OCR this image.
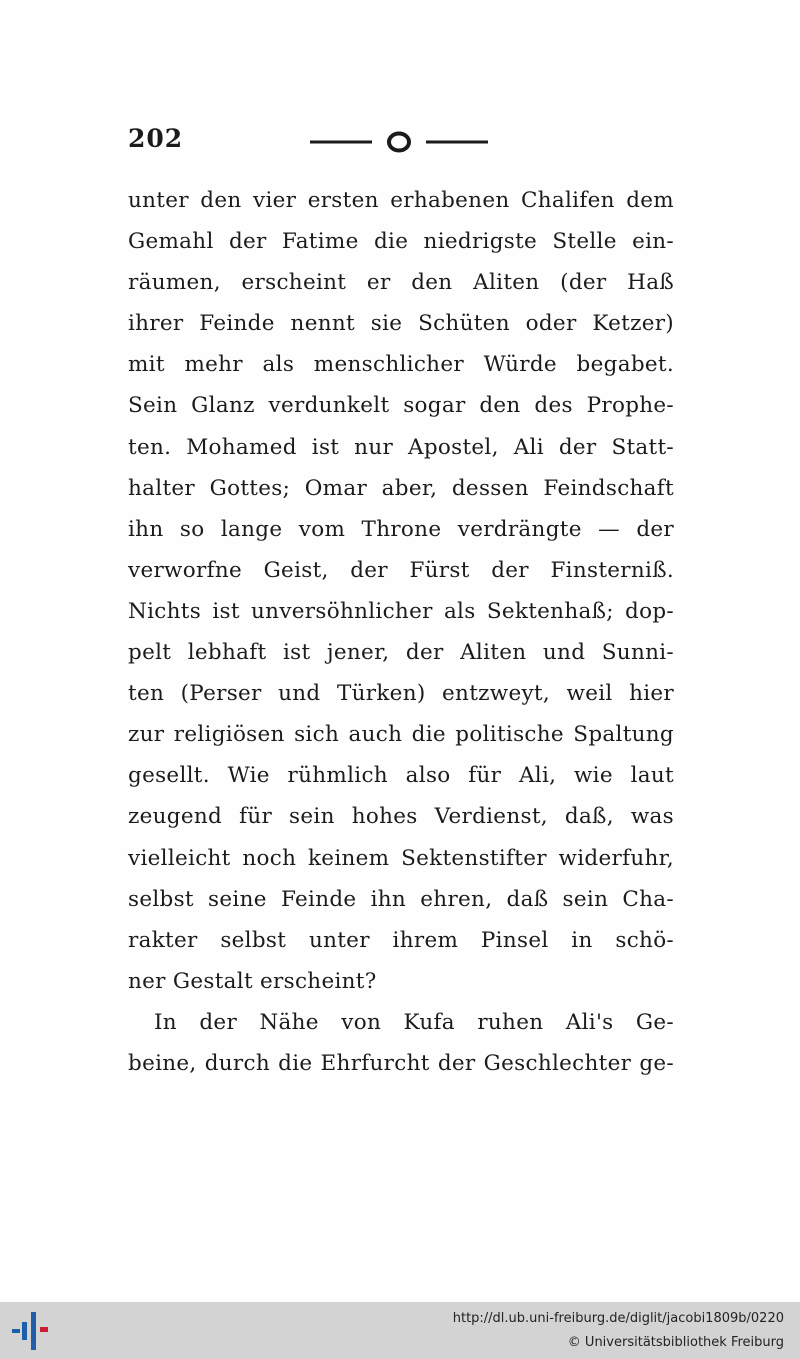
202
unter den vier ersten erhabenen Chalifen dem
Gemahl der Fatime die niedrigste Stelle ein-
räumen, erscheint er den Aliten (der Haß
ihrer Feinde nennt sie Schüten oder Ketzer)
mit mehr als menschlicher Würde begabet.
Sein Glanz verdunkelt sogar den des Prophe-
ten. Mohamed ist nur Apostel, Ali der Statt-
halter Gottes; Omar aber, dessen Feindschaft
ihn so lange vom Throne verdrängte — der
verworfne Geist, der Fürst der Finsterniß.
Nichts ist unversöhnlicher als Sektenhaß; dop-
pelt lebhaft ist jener, der Aliten und Sunni-
ten (Perser und Türken) entzweyt, weil hier
zur religiösen sich auch die politische Spaltung
gesellt. Wie rühmlich also für Ali, wie laut
zeugend für sein hohes Verdienst, daß, was
vielleicht noch keinem Sektenstifter widerfuhr,
selbst seine Feinde ihn ehren, daß sein Cha-
rakter selbst unter ihrem Pinsel in schö-
ner Gestalt erscheint?
In der Nähe von Kufa ruhen Ali's Ge-
beine, durch die Ehrfurcht der Geschlechter ge-
http://dl.ub.uni-freiburg.de/diglit/jacobi1809b/0220
© Universitätsbibliothek Freiburg
